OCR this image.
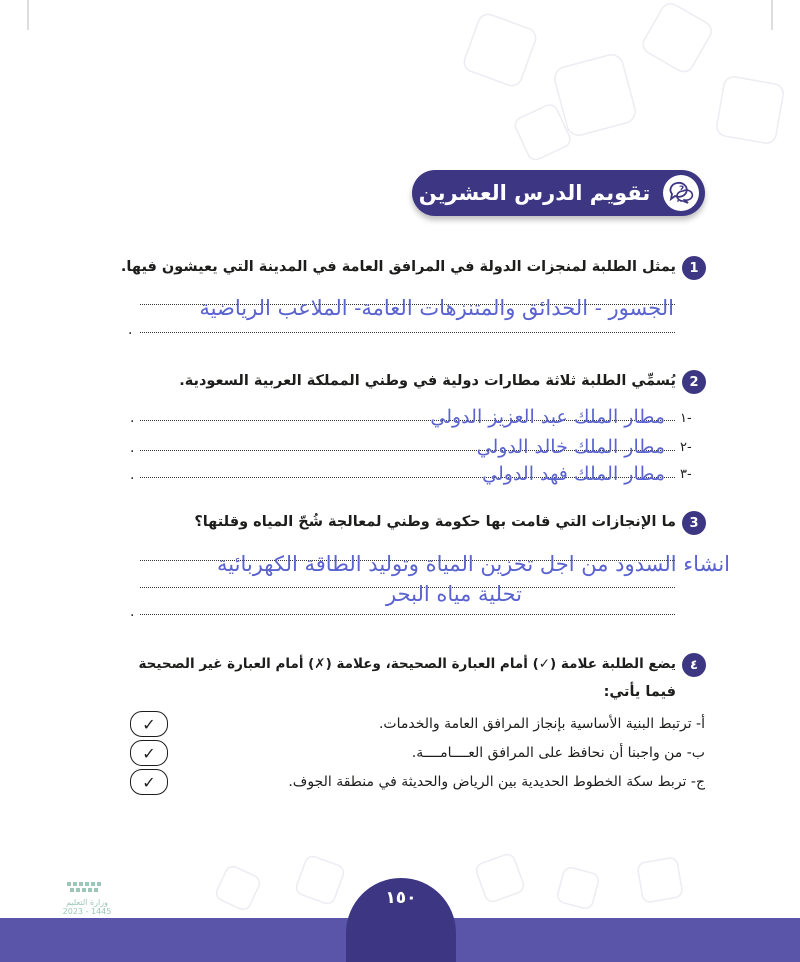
?
تقويم الدرس العشرين
1
يمثل الطلبة لمنجزات الدولة في المرافق العامة في المدينة التي يعيشون فيها.
الجسور - الحدائق والمتنزهات العامة- الملاعب الرياضية
.
2
يُسمِّي الطلبة ثلاثة مطارات دولية في وطني المملكة العربية السعودية.
١-
مطار الملك عبد العزيز الدولي
.
٢-
مطار الملك خالد الدولي
.
٣-
مطار الملك فهد الدولي
.
3
ما الإنجازات التي قامت بها حكومة وطني لمعالجة شُحّ المياه وقلتها؟
انشاء السدود من اجل تخزين المياة وتوليد الطاقة الكهربائية
تحلية مياه البحر
.
٤
يضع الطلبة علامة (✓) أمام العبارة الصحيحة، وعلامة (✗) أمام العبارة غير الصحيحة
فيما يأتي:
أ- ترتبط البنية الأساسية بإنجاز المرافق العامة والخدمات.
✓
ب- من واجبنا أن نحافظ على المرافق العــــامــــة.
✓
ج- تربط سكة الخطوط الحديدية بين الرياض والحديثة في منطقة الجوف.
✓
وزارة التعليم
2023 - 1445
١٥٠
